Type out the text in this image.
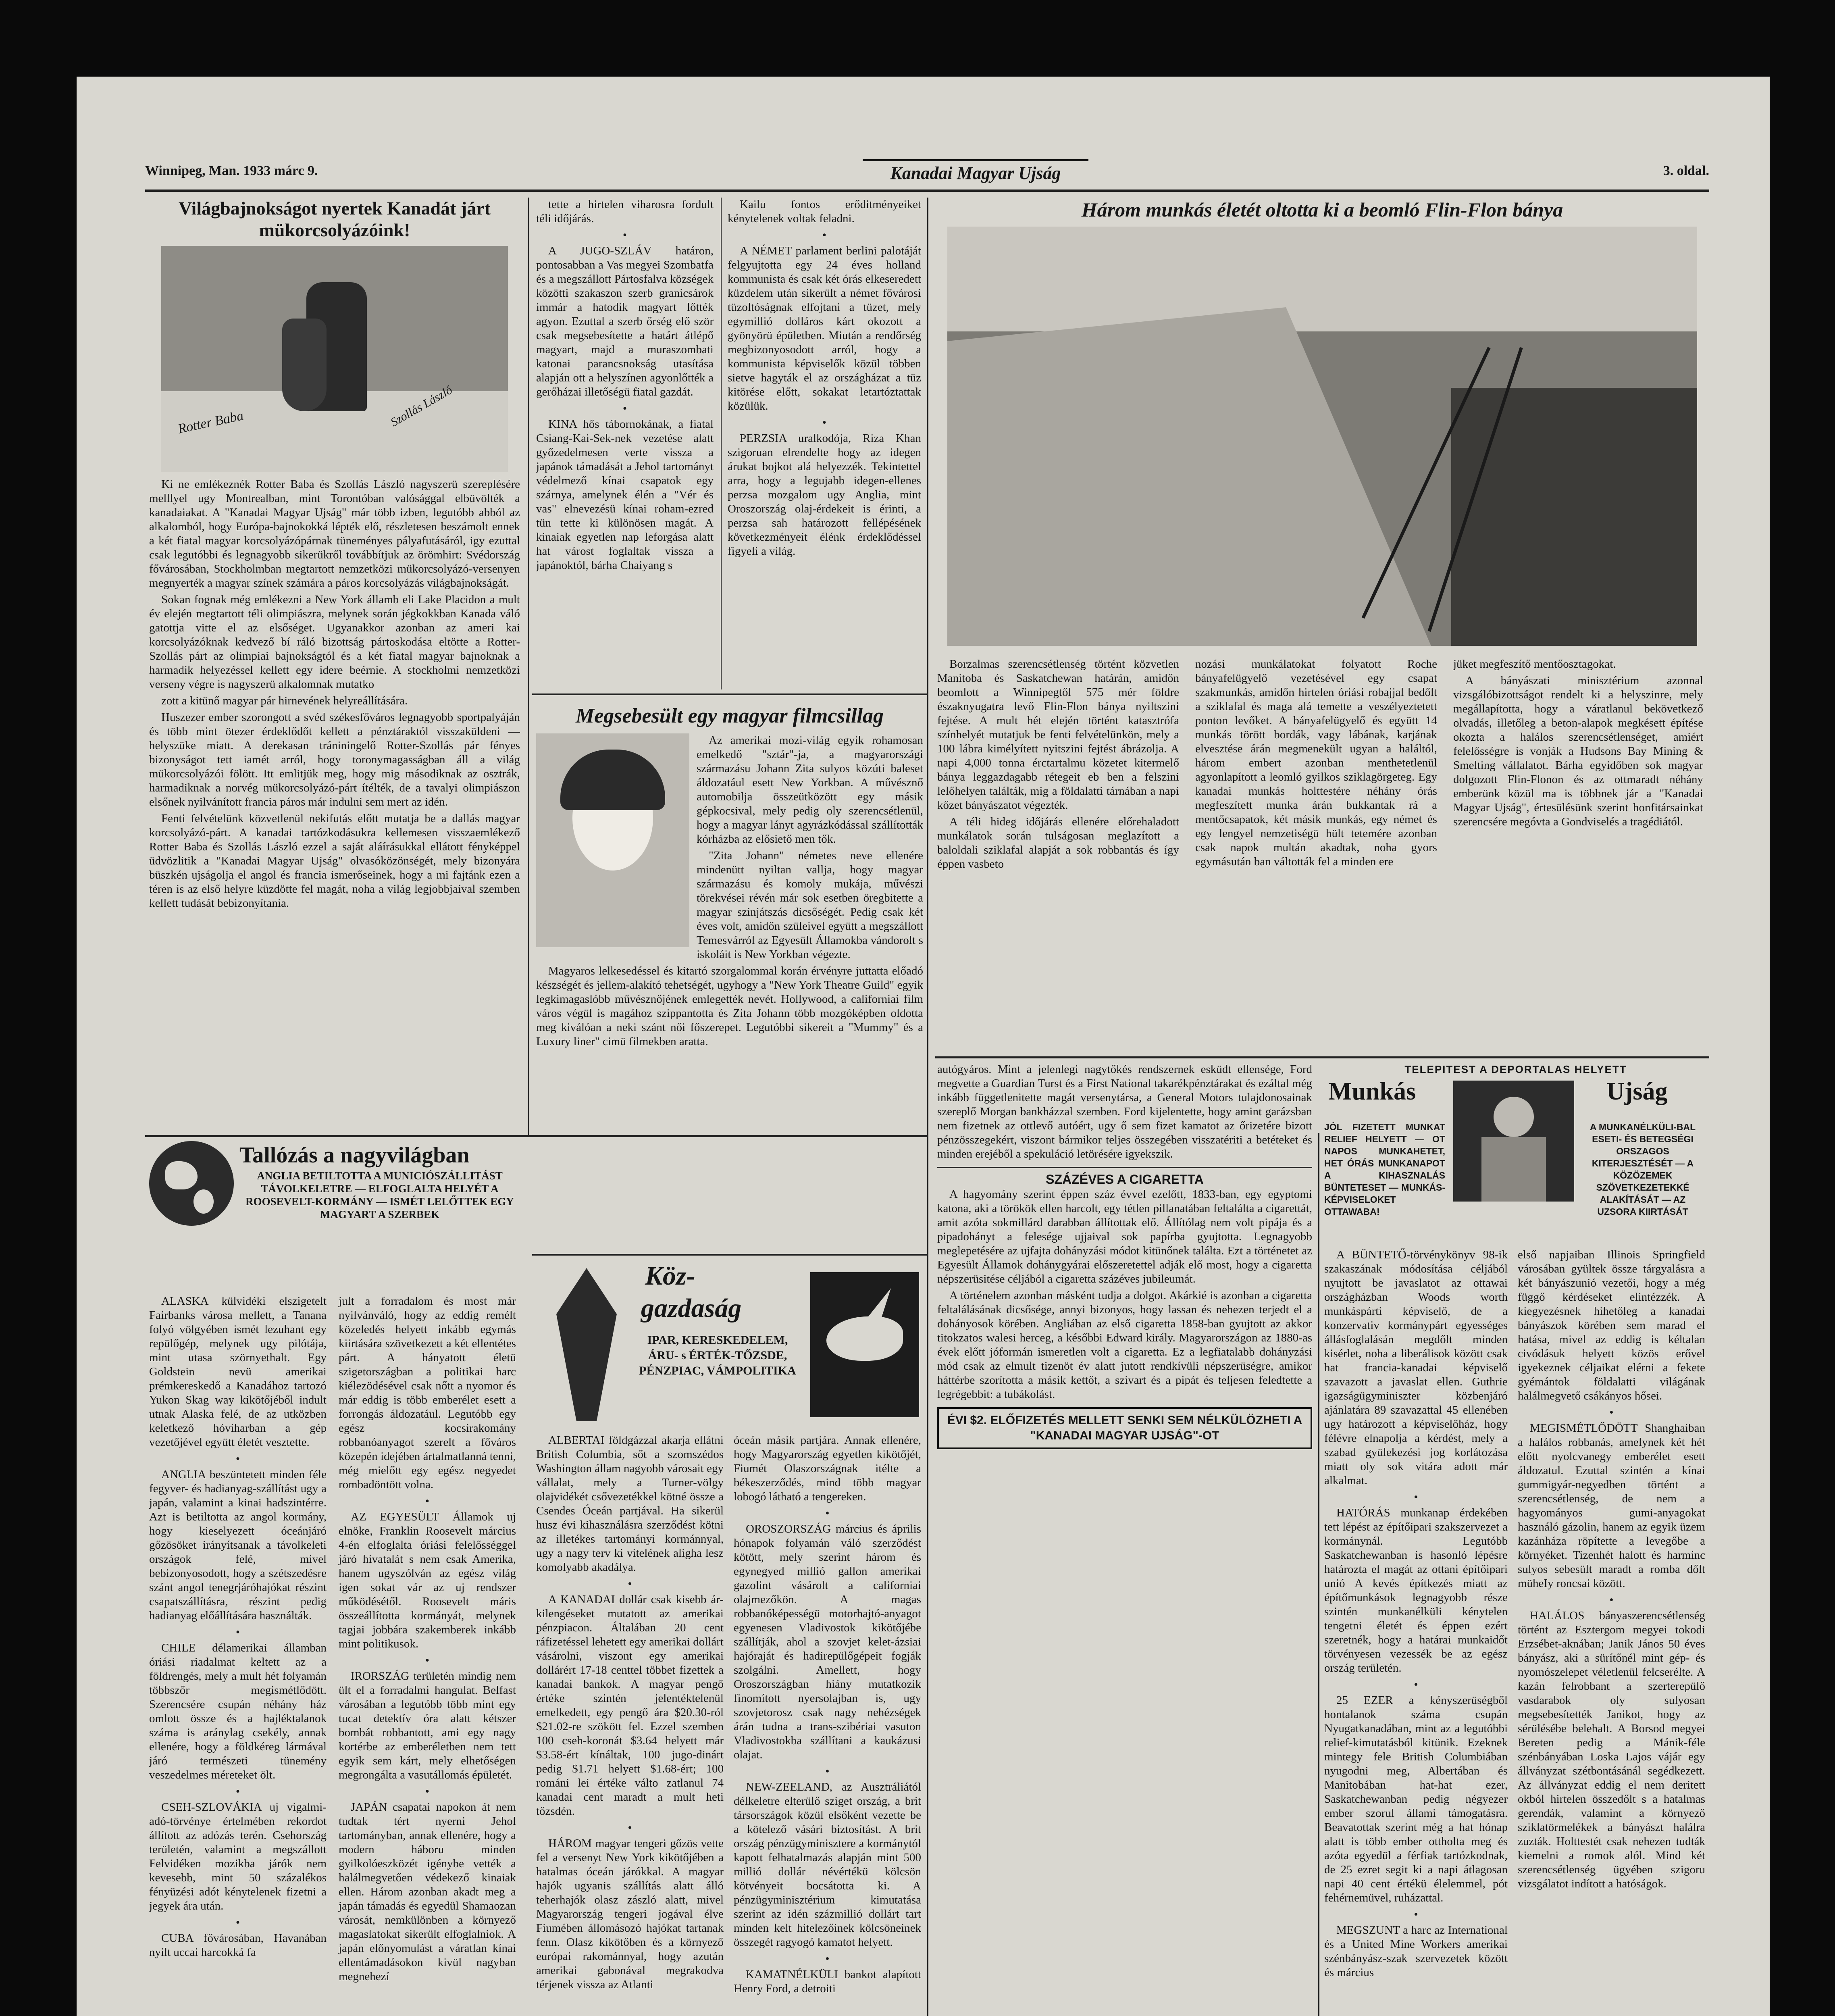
Winnipeg, Man. 1933 márc 9.	Kanadai Magyar Ujság	3. oldal.
Világbajnokságot nyertek Kanadát járt mükorcsolyázóink!
Rotter Baba	Szollás László

Ki ne emlékeznék Rotter Baba és Szollás László nagyszerü szereplésére melllyel ugy Montrealban, mint Torontóban valósággal elbüvölték a kanadaiakat. A "Kanadai Magyar Ujság" már több izben, legutóbb abból az alkalomból, hogy Európa-bajnokokká lépték elő, részletesen beszámolt ennek a két fiatal magyar korcsolyázópárnak tüneményes pályafutásáról, igy ezuttal csak legutóbbi és legnagyobb sikerükről továbbítjuk az örömhirt: Svédország fővárosában, Stockholmban megtartott nemzetközi mükorcsolyázó-versenyen megnyerték a magyar színek számára a páros korcsolyázás világbajnokságát.

Sokan fognak még emlékezni a New York államb eli Lake Placidon a mult év elején megtartott téli olimpiászra, melynek során jégkokkban Kanada váló gatottja vitte el az elsőséget. Ugyanakkor azonban az ameri kai korcsolyázóknak kedvező bí ráló bizottság pártoskodása eltötte a Rotter-Szollás párt az olimpiai bajnokságtól és a két fiatal magyar bajnoknak a harmadik helyezéssel kellett egy idere beérnie. A stockholmi nemzetközi verseny végre is nagyszerü alkalomnak mutatko

zott a kitünő magyar pár hirnevének helyreállítására.

Huszezer ember szorongott a svéd székesfőváros legnagyobb sportpalyáján és több mint ötezer érdeklődőt kellett a pénztáraktól visszaküldeni — helyszüke miatt. A derekasan trániningelő Rotter-Szollás pár fényes bizonyságot tett iamét arról, hogy toronymagasságban áll a világ mükorcsolyázói fölött. Itt emlitjük meg, hogy mig másodiknak az osztrák, harmadiknak a norvég mükorcsolyázó-párt ítélték, de a tavalyi olimpiászon elsőnek nyilvánított francia páros már indulni sem mert az idén.

Fenti felvételünk közvetlenül nekifutás előtt mutatja be a dallás magyar korcsolyázó-párt. A kanadai tartózkodásukra kellemesen visszaemlékező Rotter Baba és Szollás László ezzel a saját aláírásukkal ellátott fényképpel üdvözlitik a "Kanadai Magyar Ujság" olvasóközönségét, mely bizonyára büszkén ujságolja el angol és francia ismerőseinek, hogy a mi fajtánk ezen a téren is az első helyre küzdötte fel magát, noha a világ legjobbjaival szemben kellett tudását bebizonyítania.

tette a hirtelen viharosra fordult téli időjárás.

•

A JUGO-SZLÁV határon, pontosabban a Vas megyei Szombatfa és a megszállott Pártosfalva községek közötti szakaszon szerb granicsárok immár a hatodik magyart lőtték agyon. Ezuttal a szerb őrség elő ször csak megsebesítette a határt átlépő magyart, majd a muraszombati katonai parancsnokság utasítása alapján ott a helyszínen agyonlőtték a gerőházai illetőségü fiatal gazdát.

•

KINA hős tábornokának, a fiatal Csiang-Kai-Sek-nek vezetése alatt győzedelmesen verte vissza a japánok támadását a Jehol tartományt védelmező kínai csapatok egy szárnya, amelynek élén a "Vér és vas" elnevezésü kínai roham-ezred tün tette ki különösen magát. A kinaiak egyetlen nap leforgása alatt hat várost foglaltak vissza a japánoktól, bárha Chaiyang s

Kailu fontos erőditményeiket kénytelenek voltak feladni.

•

A NÉMET parlament berlini palotáját felgyujtotta egy 24 éves holland kommunista és csak két órás elkeseredett küzdelem után sikerült a német fővárosi tüzoltóságnak elfojtani a tüzet, mely egymillió dolláros kárt okozott a gyönyörü épületben. Miután a rendőrség megbizonyosodott arról, hogy a kommunista képviselők közül többen sietve hagyták el az országházat a tüz kitörése előtt, sokakat letartóztattak közülük.

•

PERZSIA uralkodója, Riza Khan szigoruan elrendelte hogy az idegen árukat bojkot alá helyezzék. Tekintettel arra, hogy a legujabb idegen-ellenes perzsa mozgalom ugy Anglia, mint Oroszország olaj-érdekeit is érinti, a perzsa sah határozott fellépésének következményeit élénk érdeklődéssel figyeli a világ.

Megsebesült egy magyar filmcsillag

Az amerikai mozi-világ egyik rohamosan emelkedő "sztár"-ja, a magyarországi származásu Johann Zita sulyos közúti baleset áldozatául esett New Yorkban. A művésznő automobilja összeütközött egy másik gépkocsival, mely pedig oly szerencsétlenül, hogy a magyar lányt agyrázkódással szállították kórházba az elősiető men tők.

"Zita Johann" németes neve ellenére mindenütt nyiltan vallja, hogy magyar származásu és komoly mukája, művészi törekvései révén már sok esetben öregbitette a magyar szinjátszás dicsőségét. Pedig csak két éves volt, amidőn szüleivel együtt a megszállott Temesvárról az Egyesült Államokba vándorolt s iskoláit is New Yorkban végezte.

Magyaros lelkesedéssel és kitartó szorgalommal korán érvényre juttatta előadó készségét és jellem-alakító tehetségét, ugyhogy a "New York Theatre Guild" egyik legkimagaslóbb művésznőjének emlegették nevét. Hollywood, a californiai film város végül is magához szippantotta és Zita Johann több mozgóképben oldotta meg kiválóan a neki szánt női főszerepet. Legutóbbi sikereit a "Mummy" és a Luxury liner" cimü filmekben aratta.

Három munkás életét oltotta ki a beomló Flin-Flon bánya

Borzalmas szerencsétlenség történt közvetlen Manitoba és Saskatchewan határán, amidőn beomlott a Winnipegtől 575 mér földre északnyugatra levő Flin-Flon bánya nyiltszini fejtése. A mult hét elején történt katasztrófa színhelyét mutatjuk be fenti felvételünkön, mely a 100 lábra kimélyített nyitszini fejtést ábrázolja. A napi 4,000 tonna érctartalmu közetet kitermelő bánya leggazdagabb rétegeit eb ben a felszini lelőhelyen találták, mig a földalatti tárnában a napi kőzet bányászatot végezték.

A téli hideg időjárás ellenére előrehaladott munkálatok során tulságosan meglazított a baloldali sziklafal alapját a sok robbantás és így éppen vasbeto

nozási munkálatokat folyatott Roche bányafelügyelő vezetésével egy csapat szakmunkás, amidőn hirtelen óriási robajjal bedőlt a sziklafal és maga alá temette a veszélyeztetett ponton levőket. A bányafelügyelő és együtt 14 munkás törött bordák, vagy lábának, karjának elvesztése árán megmenekült ugyan a haláltól, három embert azonban menthetetlenül agyonlapított a leomló gyilkos sziklagörgeteg. Egy kanadai munkás holttestére néhány órás megfeszített munka árán bukkantak rá a mentőcsapatok, két másik munkás, egy német és egy lengyel nemzetiségü hült tetemére azonban csak napok multán akadtak, noha gyors egymásután ban váltották fel a minden ere

jüket megfeszítő mentőosztagokat.

A bányászati minisztérium azonnal vizsgálóbizottságot rendelt ki a helyszinre, mely megállapította, hogy a váratlanul bekövetkező olvadás, illetőleg a beton-alapok megkésett építése okozta a halálos szerencsétlenséget, amiért felelősségre is vonják a Hudsons Bay Mining & Smelting vállalatot. Bárha egyidőben sok magyar dolgozott Flin-Flonon és az ottmaradt néhány emberünk közül ma is többnek jár a "Kanadai Magyar Ujság", értesülésünk szerint honfitársainkat szerencsére megóvta a Gondviselés a tragédiától.

Tallózás a nagyvilágban
ANGLIA BETILTOTTA A MUNICIÓSZÁLLITÁST TÁVOLKELETRE — ELFOGLALTA HELYÉT A ROOSEVELT-KORMÁNY — ISMÉT LELŐTTEK EGY MAGYART A SZERBEK

ALASKA külvidéki elszigetelt Fairbanks városa mellett, a Tanana folyó völgyében ismét lezuhant egy repülőgép, melynek ugy pilótája, mint utasa szörnyethalt. Egy Goldstein nevü amerikai prémkereskedő a Kanadához tartozó Yukon Skag way kikötőjéből indult utnak Alaska felé, de az utközben keletkező hóviharban a gép vezetőjével együtt életét vesztette.

•

ANGLIA beszüntetett minden féle fegyver- és hadianyag-szállítást ugy a japán, valamint a kinai hadszintérre. Azt is betiltotta az angol kormány, hogy kieselyezett óceánjáró gőzösöket irányítsanak a távolkeleti országok felé, mivel bebizonyosodott, hogy a szétszedésre szánt angol tenegrjáróhajókat részint csapatszállításra, részint pedig hadianyag előállítására használták.

•

CHILE délamerikai államban óriási riadalmat keltett az a földrengés, mely a mult hét folyamán többszőr megismétlődött. Szerencsére csupán néhány ház omlott össze és a hajléktalanok száma is aránylag csekély, annak ellenére, hogy a földkéreg lármával járó természeti tünemény veszedelmes méreteket ölt.

•

CSEH-SZLOVÁKIA uj vigalmi-adó-törvénye értelmében rekordot állított az adózás terén. Csehország területén, valamint a megszállott Felvidéken mozikba járók nem kevesebb, mint 50 százalékos fényüzési adót kénytelenek fizetni a jegyek ára után.

•

CUBA fővárosában, Havanában nyilt uccai harcokká fa

jult a forradalom és most már nyilvánváló, hogy az eddig remélt közeledés helyett inkább egymás kiirtására szövetkezett a két ellentétes párt. A hányatott életü szigetországban a politikai harc kiélezödésével csak nőtt a nyomor és már eddig is több emberélet esett a forrongás áldozatául. Legutóbb egy egész kocsirakomány robbanóanyagot szerelt a főváros közepén idejében ártalmatlanná tenni, még mielőtt egy egész negyedet rombadöntött volna.

•

AZ EGYESÜLT Államok uj elnöke, Franklin Roosevelt március 4-én elfoglalta óriási felelősséggel járó hivatalát s nem csak Amerika, hanem ugyszólván az egész világ igen sokat vár az uj rendszer működésétől. Roosevelt máris összeállította kormányát, melynek tagjai jobbára szakemberek inkább mint politikusok.

•

IRORSZÁG területén mindig nem ült el a forradalmi hangulat. Belfast városában a legutóbb több mint egy tucat detektív óra alatt kétszer bombát robbantott, ami egy nagy kortérbe az emberéletben nem tett egyik sem kárt, mely elhetőségen megrongálta a vasutállomás épületét.

•

JAPÁN csapatai napokon át nem tudtak tért nyerni Jehol tartományban, annak ellenére, hogy a modern háboru minden gyilkolóeszközét igénybe vették a halálmegvetően védekező kinaiak ellen. Három azonban akadt meg a japán támadás és egyedül Shamaozan városát, nemkülönben a környező magaslatokat sikerült elfoglalniok. A japán előnyomulást a váratlan kínai ellentámadásokon kivül nagyban megnehezí

Köz-
gazdaság
IPAR, KERESKEDELEM,
ÁRU- s ÉRTÉK-TŐZSDE,
PÉNZPIAC, VÁMPOLITIKA

ALBERTAI földgázzal akarja ellátni British Columbia, sőt a szomszédos Washington állam nagyobb városait egy vállalat, mely a Turner-völgy olajvidékét csővezetékkel kötné össze a Csendes Óceán partjával. Ha sikerül husz évi kihasználásra szerződést kötni az illetékes tartományi kormánnyal, ugy a nagy terv ki vitelének aligha lesz komolyabb akadálya.

•

A KANADAI dollár csak kisebb ár-kilengéseket mutatott az amerikai pénzpiacon. Általában 20 cent ráfizetéssel lehetett egy amerikai dollárt vásárolni, viszont egy amerikai dollárért 17-18 centtel többet fizettek a kanadai bankok. A magyar pengő értéke szintén jelentéktelenül emelkedett, egy pengő ára $20.30-ról $21.02-re szökött fel. Ezzel szemben 100 cseh-koronát $3.64 helyett már $3.58-ért kínáltak, 100 jugo-dinárt pedig $1.71 helyett $1.68-ért; 100 románi lei értéke válto zatlanul 74 kanadai cent maradt a mult heti tőzsdén.

•

HÁROM magyar tengeri gőzös vette fel a versenyt New York kikötőjében a hatalmas óceán járókkal. A magyar hajók ugyanis szállítás alatt álló teherhajók olasz zászló alatt, mivel Magyarország tengeri jogával élve Fiumében állomásozó hajókat tartanak fenn. Olasz kikötőben és a környező európai rakománnyal, hogy azután amerikai gabonával megrakodva térjenek vissza az Atlanti

óceán másik partjára. Annak ellenére, hogy Magyarország egyetlen kikötőjét, Fiumét Olaszországnak itélte a békeszerződés, mind több magyar lobogó látható a tengereken.

•

OROSZORSZÁG március és április hónapok folyamán váló szerződést kötött, mely szerint három és egynegyed millió gallon amerikai gazolint vásárolt a californiai olajmezőkön. A magas robbanóképességü motorhajtó-anyagot egyenesen Vladivostok kikötőjébe szállítják, ahol a szovjet kelet-ázsiai hajóraját és hadirepülőgépeit fogják szolgálni. Amellett, hogy Oroszországban hiány mutatkozik finomított nyersolajban is, ugy szovjetorosz csak nagy nehézségek árán tudna a trans-szibériai vasuton Vladivostokba szállítani a kaukázusi olajat.

•

NEW-ZEELAND, az Ausztráliától délkeletre elterülő sziget ország, a brit társországok közül elsőként vezette be a kötelező vásári biztosítást. A brit ország pénzügyminisztere a kormánytól kapott felhatalmazás alapján mint 500 millió dollár névértékü kölcsön kötvényeit bocsátotta ki. A pénzügyminisztérium kimutatása szerint az idén százmillió dollárt tart minden kelt hitelezőinek kölcsöneinek összegét ragyogó kamatot helyett.

•

KAMATNÉLKÜLI bankot alapított Henry Ford, a detroiti

autógyáros. Mint a jelenlegi nagytőkés rendszernek esküdt ellensége, Ford megvette a Guardian Turst és a First National takarékpénztárakat és ezáltal még inkább függetlenitette magát versenytársa, a General Motors tulajdonosainak szereplő Morgan bankházzal szemben. Ford kijelentette, hogy amint garázsban nem fizetnek az ottlevő autóért, ugy ő sem fizet kamatot az őrizetére bizott pénzösszegekért, viszont bármikor teljes összegében visszatériti a betéteket és minden erejéből a spekuláció letörésére igyekszik.

SZÁZÉVES A CIGARETTA

A hagyomány szerint éppen száz évvel ezelőtt, 1833-ban, egy egyptomi katona, aki a törökök ellen harcolt, egy tétlen pillanatában feltalálta a cigarettát, amit azóta sokmillárd darabban állítottak elő. Állítólag nem volt pipája és a pipadohányt a felesége ujjaival sok papírba gyujtotta. Legnagyobb meglepetésére az ujfajta dohányzási módot kitünőnek találta. Ezt a történetet az Egyesült Államok dohánygyárai előszeretettel adják elő most, hogy a cigaretta népszerüsitése céljából a cigaretta százéves jubileumát.

A történelem azonban másként tudja a dolgot. Akárkié is azonban a cigaretta feltalálásának dicsősége, annyi bizonyos, hogy lassan és nehezen terjedt el a dohányosok körében. Angliában az első cigaretta 1858-ban gyujtott az akkor titokzatos walesi herceg, a későbbi Edward király. Magyarországon az 1880-as évek előtt jóformán ismeretlen volt a cigaretta. Ez a legfiatalabb dohányzási mód csak az elmult tizenöt év alatt jutott rendkívüli népszerüségre, amikor háttérbe szorította a másik kettőt, a szivart és a pipát és teljesen feledtette a legrégebbit: a tubákolást.

ÉVI $2. ELŐFIZETÉS MELLETT SENKI SEM NÉLKÜLÖZHETI A "KANADAI MAGYAR UJSÁG"-OT
TELEPITEST A DEPORTALAS HELYETT
Munkás	Ujság
JÓL FIZETETT MUNKAT RELIEF HELYETT — OT NAPOS MUNKAHETET, HET ÓRÁS MUNKANAPOT A KIHASZNALÁS BÜNTETESET — MUNKÁS-KÉPVISELOKET OTTAWABA!
A MUNKANÉLKÜLI-BAL ESETI- ÉS BETEGSÉGI ORSZAGOS KITERJESZTÉSÉT — A KÖZÖZEMEK SZÖVETKEZETEKKÉ ALAKÍTÁSÁT — AZ UZSORA KIIRTÁSÁT

A BÜNTETŐ-törvénykönyv 98-ik szakaszának módosítása céljából nyujtott be javaslatot az ottawai országházban Woods worth munkáspárti képviselő, de a konzervativ kormánypárt egyességes állásfoglalásán megdőlt minden kisérlet, noha a liberálisok között csak hat francia-kanadai képviselő szavazott a javaslat ellen. Guthrie igazságügyminiszter közbenjáró ajánlatára 89 szavazattal 45 ellenében ugy határozott a képviselőház, hogy félévre elnapolja a kérdést, mely a szabad gyülekezési jog korlátozása miatt oly sok vitára adott már alkalmat.

•

HATÓRÁS munkanap érdekében tett lépést az építőipari szakszervezet a kormánynál. Legutóbb Saskatchewanban is hasonló lépésre határozta el magát az ottani építőipari unió A kevés építkezés miatt az építőmunkások legnagyobb része szintén munkanélküli kénytelen tengetni életét és éppen ezért szeretnék, hogy a határai munkaidőt törvényesen vezessék be az egész ország területén.

•

25 EZER a kényszerüségből hontalanok száma csupán Nyugatkanadában, mint az a legutóbbi relief-kimutatásból kitünik. Ezeknek mintegy fele British Columbiában nyugodni meg, Albertában és Manitobában hat-hat ezer, Saskatchewanban pedig négyezer ember szorul állami támogatásra. Beavatottak szerint még a hat hónap alatt is több ember ottholta meg és azóta egyedül a férfiak tartózkodnak, de 25 ezret segit ki a napi átlagosan napi 40 cent értékü élelemmel, pót fehérnemüvel, ruházattal.

•

MEGSZUNT a harc az International és a United Mine Workers amerikai szénbányász-szak szervezetek között és március

első napjaiban Illinois Springfield városában gyültek össze tárgyalásra a két bányászunió vezetői, hogy a még függő kérdéseket elintézzék. A kiegyezésnek hihetőleg a kanadai bányászok körében sem marad el hatása, mivel az eddig is kéltalan civódásuk helyett közös erővel igyekeznek céljaikat elérni a fekete gyémántok földalatti világának halálmegvető csákányos hősei.

•

MEGISMÉTLŐDÖTT Shanghaiban a halálos robbanás, amelynek két hét előtt nyolcvanegy emberélet esett áldozatul. Ezuttal szintén a kínai gummigyár-negyedben történt a szerencsétlenség, de nem a hagyományos gumi-anyagokat használó gázolin, hanem az egyik üzem kazánháza röpítette a levegőbe a környéket. Tizenhét halott és harminc sulyos sebesült maradt a romba dőlt müheIy roncsai között.

•

HALÁLOS bányaszerencsétlenség történt az Esztergom megyei tokodi Erzsébet-aknában; Janik János 50 éves bányász, aki a sürítőnél mint gép- és nyomószelepet véletlenül felcserélte. A kazán felrobbant a szerterepülő vasdarabok oly sulyosan megsebesítették Janikot, hogy az sérülésébe belehalt. A Borsod megyei Bereten pedig a Mánik-féle szénbányában Loska Lajos vájár egy állványzat szétbontásánál segédkezett. Az állványzat eddig el nem deritett okból hirtelen összedőlt s a hatalmas gerendák, valamint a környező sziklatörmelékek a bányászt halálra zuzták. Holttestét csak nehezen tudták kiemelni a romok alól. Mind két szerencsétlenség ügyében szigoru vizsgálatot indított a hatóságok.
